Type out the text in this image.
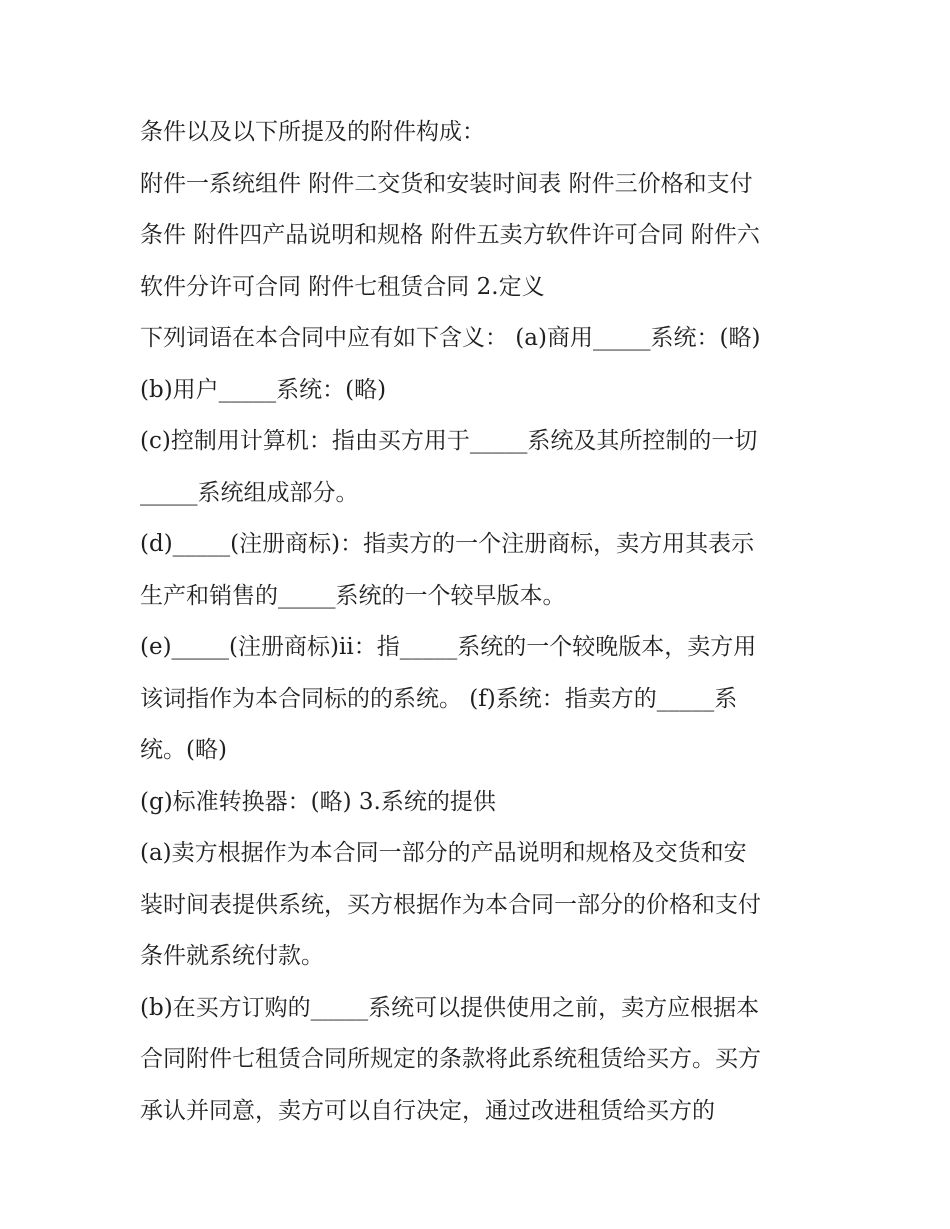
条件以及以下所提及的附件构成：
附件一系统组件 附件二交货和安装时间表 附件三价格和支付
条件 附件四产品说明和规格 附件五卖方软件许可合同 附件六
软件分许可合同 附件七租赁合同 2.定义
下列词语在本合同中应有如下含义： (a)商用_____系统：(略)
(b)用户_____系统：(略)
(c)控制用计算机：指由买方用于_____系统及其所控制的一切
_____系统组成部分。
(d)_____(注册商标)：指卖方的一个注册商标，卖方用其表示
生产和销售的_____系统的一个较早版本。
(e)_____(注册商标)ii：指_____系统的一个较晚版本，卖方用
该词指作为本合同标的的系统。 (f)系统：指卖方的_____系
统。(略)
(g)标准转换器：(略) 3.系统的提供
(a)卖方根据作为本合同一部分的产品说明和规格及交货和安
装时间表提供系统，买方根据作为本合同一部分的价格和支付
条件就系统付款。
(b)在买方订购的_____系统可以提供使用之前，卖方应根据本
合同附件七租赁合同所规定的条款将此系统租赁给买方。买方
承认并同意，卖方可以自行决定，通过改进租赁给买方的
